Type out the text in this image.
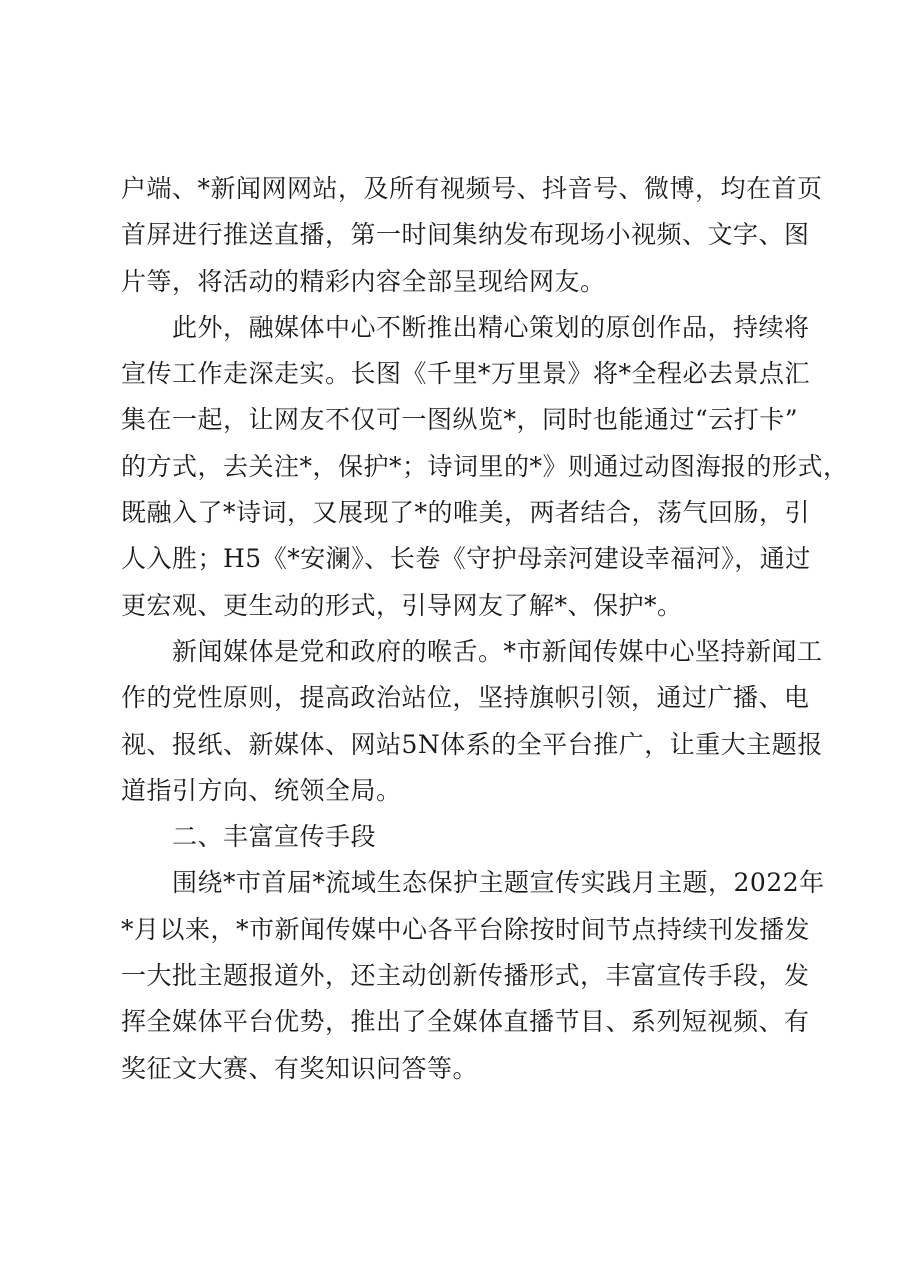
户端、*新闻网网站，及所有视频号、抖音号、微博，均在首页
首屏进行推送直播，第一时间集纳发布现场小视频、文字、图
片等，将活动的精彩内容全部呈现给网友。
　　此外，融媒体中心不断推出精心策划的原创作品，持续将
宣传工作走深走实。长图《千里*万里景》将*全程必去景点汇
集在一起，让网友不仅可一图纵览*，同时也能通过“云打卡”
的方式，去关注*，保护*；诗词里的*》则通过动图海报的形式，
既融入了*诗词，又展现了*的唯美，两者结合，荡气回肠，引
人入胜；H5《*安澜》、长卷《守护母亲河建设幸福河》，通过
更宏观、更生动的形式，引导网友了解*、保护*。
　　新闻媒体是党和政府的喉舌。*市新闻传媒中心坚持新闻工
作的党性原则，提高政治站位，坚持旗帜引领，通过广播、电
视、报纸、新媒体、网站5N体系的全平台推广，让重大主题报
道指引方向、统领全局。
　　二、丰富宣传手段
　　围绕*市首届*流域生态保护主题宣传实践月主题，2022年
*月以来，*市新闻传媒中心各平台除按时间节点持续刊发播发
一大批主题报道外，还主动创新传播形式，丰富宣传手段，发
挥全媒体平台优势，推出了全媒体直播节目、系列短视频、有
奖征文大赛、有奖知识问答等。
